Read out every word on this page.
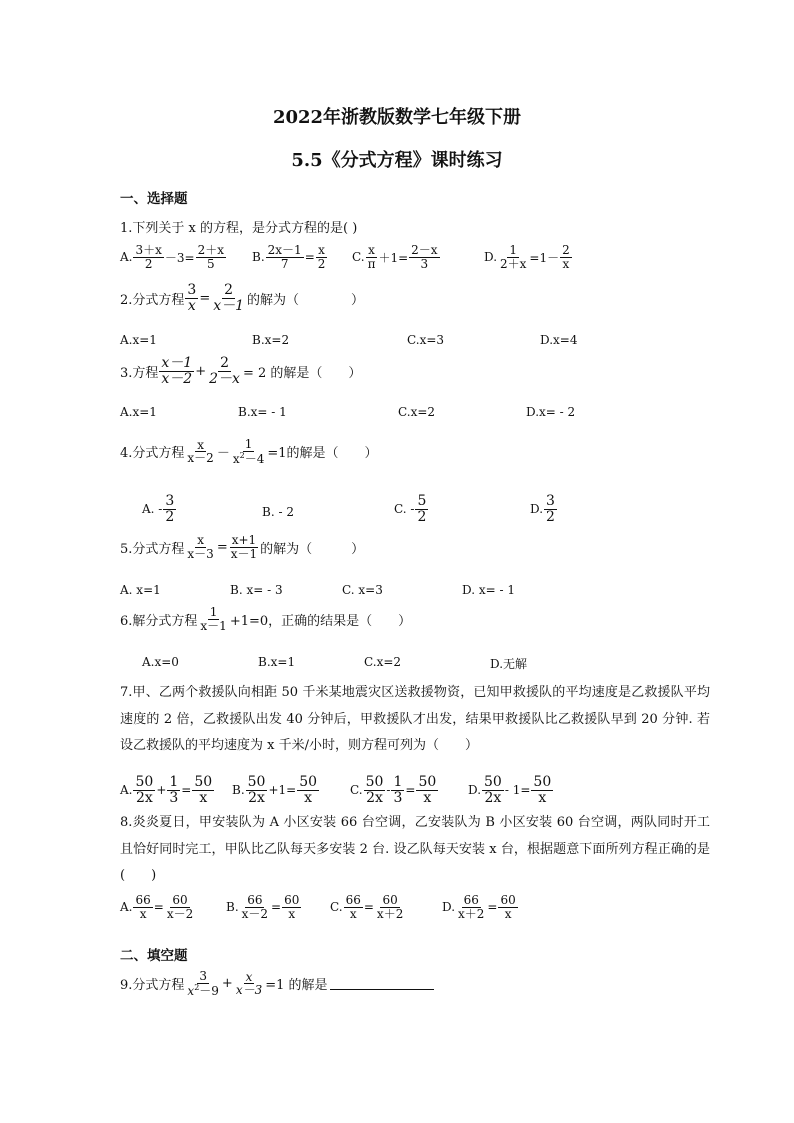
2022年浙教版数学七年级下册
5.5《分式方程》课时练习
一、选择题
1.下列关于 x 的方程，是分式方程的是( )
A. $\frac{3+x}{2} -3= \frac{2+x}{5} B$. $\frac{2x-1}{7} = \frac{x}{2} C$. $\frac{x}{\pi} +1= \frac{2-x}{3}$	D. $\frac{1}{2+x} =1- \frac{2}{x}$
2.分式方程 $\frac{3}{x} = \frac{2}{x-1}$ 的解为（　　　　）
A.x=1	B.x=2	C.x=3	D.x=4
3.方程 $\frac{x-1}{x-2} + \frac{2}{2-x} = 2$ 的解是（　　）
A.x=1	B.x= - 1	C.x=2	D.x= - 2
4.分式方程 $\frac{x}{x-2} - \frac{1}{x^2-4} =1$的解是（　　）
A. - $\frac{3}{2}$	B. - 2	C. - $\frac{5}{2}$	D. $\frac{3}{2}$
5.分式方程 $\frac{x}{x-3} = \frac{x+1}{x-1}$ 的解为（　　　）
A. x=1	B. x= - 3	C. x=3	D. x= - 1
6.解分式方程 $\frac{1}{x-1} +1=0$，正确的结果是（　　）
A.x=0	B.x=1	C.x=2	D.无解
7.甲、乙两个救援队向相距 50 千米某地震灾区送救援物资，已知甲救援队的平均速度是乙救援队平均速度的 2 倍，乙救援队出发 40 分钟后，甲救援队才出发，结果甲救援队比乙救援队早到 20 分钟. 若设乙救援队的平均速度为 x 千米/小时，则方程可列为（　　）
A. $\frac{50}{2x} + \frac{1}{3} = \frac{50}{x} B$. $\frac{50}{2x} +1= \frac{50}{x}$	C. $\frac{50}{2x} - \frac{1}{3} = \frac{50}{x} D$. $\frac{50}{2x} - 1= \frac{50}{x}$
8.炎炎夏日，甲安装队为 A 小区安装 66 台空调，乙安装队为 B 小区安装 60 台空调，两队同时开工且恰好同时完工，甲队比乙队每天多安装 2 台. 设乙队每天安装 x 台，根据题意下面所列方程正确的是(　　)
A. $\frac{66}{x} = \frac{60}{x-2}$	B. $\frac{66}{x-2} = \frac{60}{x} C$. $\frac{66}{x} = \frac{60}{x+2}$	D. $\frac{66}{x+2} = \frac{60}{x}$
二、填空题
9.分式方程 $\frac{3}{x^2-9} + \frac{x}{x-3} =1$ 的解是
